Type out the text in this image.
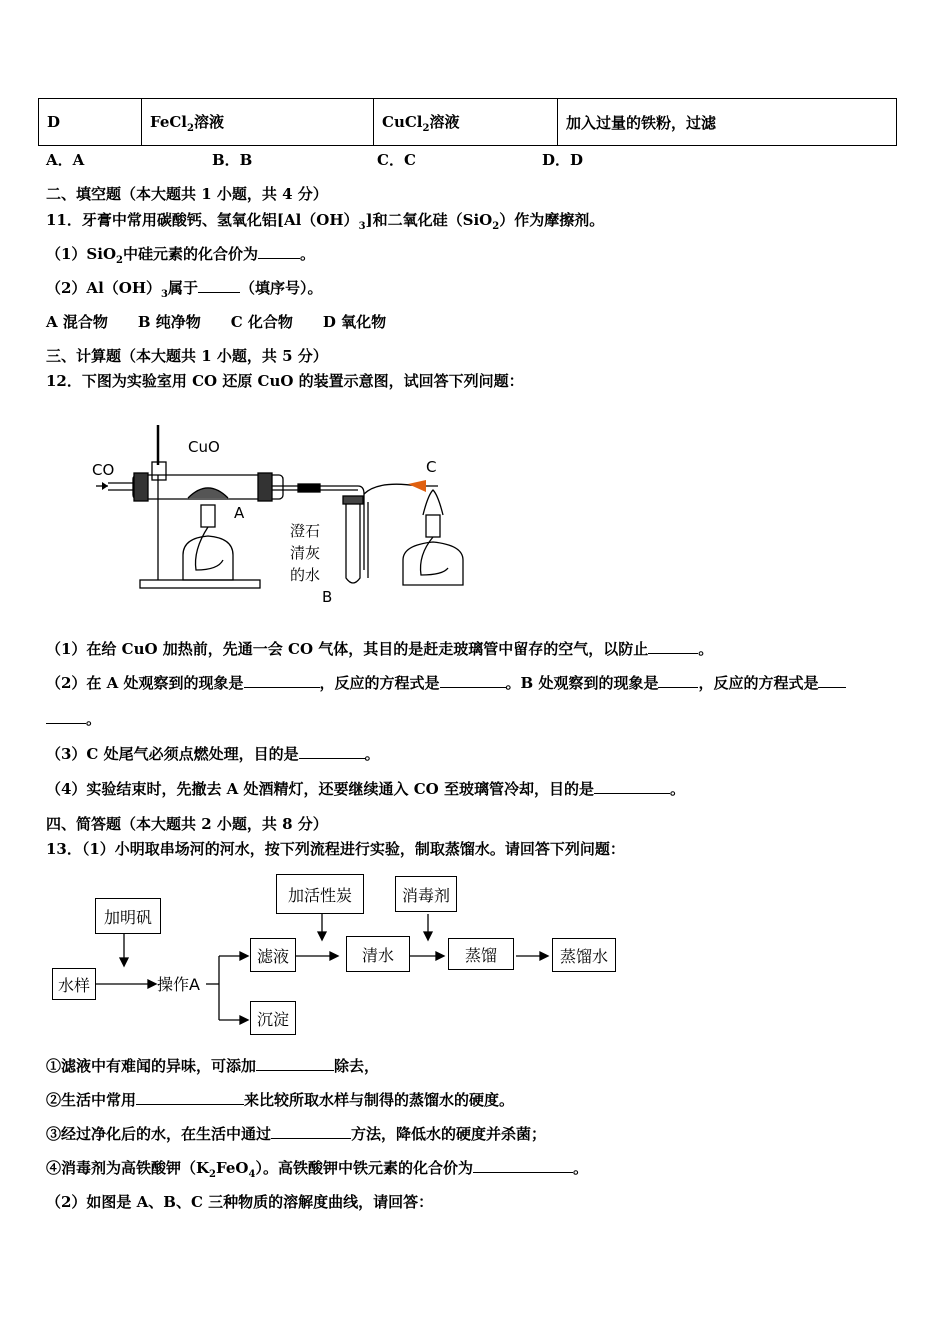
D	FeCl$_2$溶液	CuCl$_2$溶液	加入过量的铁粉，过滤
A．A	B．B	C．C	D．D
二、填空题（本大题共 1 小题，共 4 分）
11．牙膏中常用碳酸钙、氢氧化铝$[Al(OH)_3]$和二氧化硅（SiO$_2$）作为摩擦剂。
（1）SiO$_2$中硅元素的化合价为	。
$(2)Al(OH)_3$属于	（填序号）。
A 混合物　　B 纯净物　　C 化合物　　D 氧化物
三、计算题（本大题共 1 小题，共 5 分）
12．下图为实验室用 CO 还原 CuO 的装置示意图，试回答下列问题：
CO
CuO
A
C
B
澄石
清灰
的水
（1）在给 CuO 加热前，先通一会 CO 气体，其目的是赶走玻璃管中留存的空气，以防止	。
（2）在 A 处观察到的现象是	，反应的方程式是	。B 处观察到的现象是	，反应的方程式是
。
（3）C 处尾气必须点燃处理，目的是	。
（4）实验结束时，先撤去 A 处酒精灯，还要继续通入 CO 至玻璃管冷却，目的是	。
四、简答题（本大题共 2 小题，共 8 分）
13．（1）小明取串场河的河水，按下列流程进行实验，制取蒸馏水。请回答下列问题：
加明矾
水样	操作A
滤液
沉淀
加活性炭
清水
消毒剂
蒸馏	蒸馏水
①滤液中有难闻的异味，可添加	除去，
②生活中常用	来比较所取水样与制得的蒸馏水的硬度。
③经过净化后的水，在生活中通过	方法，降低水的硬度并杀菌；
④消毒剂为高铁酸钾$(K_2FeO_4)$。高铁酸钾中铁元素的化合价为	。
（2）如图是 A、B、C 三种物质的溶解度曲线，请回答：
